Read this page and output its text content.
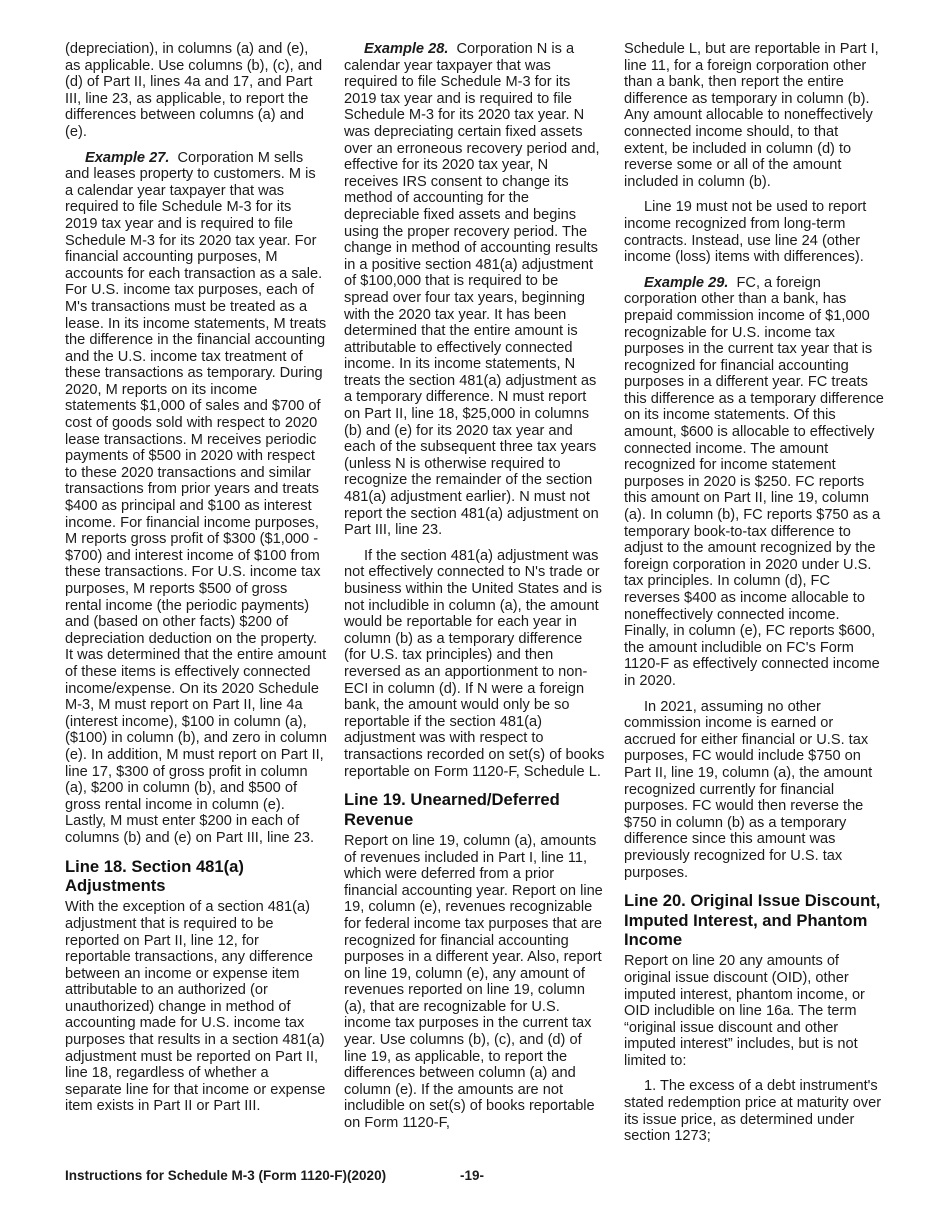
(depreciation), in columns (a) and (e), as applicable. Use columns (b), (c), and (d) of Part II, lines 4a and 17, and Part III, line 23, as applicable, to report the differences between columns (a) and (e).

Example 27. Corporation M sells and leases property to customers. M is a calendar year taxpayer that was required to file Schedule M-3 for its 2019 tax year and is required to file Schedule M-3 for its 2020 tax year. For financial accounting purposes, M accounts for each transaction as a sale. For U.S. income tax purposes, each of M's transactions must be treated as a lease. In its income statements, M treats the difference in the financial accounting and the U.S. income tax treatment of these transactions as temporary. During 2020, M reports on its income statements $1,000 of sales and $700 of cost of goods sold with respect to 2020 lease transactions. M receives periodic payments of $500 in 2020 with respect to these 2020 transactions and similar transactions from prior years and treats $400 as principal and $100 as interest income. For financial income purposes, M reports gross profit of $300 ($1,000 - $700) and interest income of $100 from these transactions. For U.S. income tax purposes, M reports $500 of gross rental income (the periodic payments) and (based on other facts) $200 of depreciation deduction on the property. It was determined that the entire amount of these items is effectively connected income/expense. On its 2020 Schedule M-3, M must report on Part II, line 4a (interest income), $100 in column (a), ($100) in column (b), and zero in column (e). In addition, M must report on Part II, line 17, $300 of gross profit in column (a), $200 in column (b), and $500 of gross rental income in column (e). Lastly, M must enter $200 in each of columns (b) and (e) on Part III, line 23.

Line 18. Section 481(a) Adjustments

With the exception of a section 481(a) adjustment that is required to be reported on Part II, line 12, for reportable transactions, any difference between an income or expense item attributable to an authorized (or unauthorized) change in method of accounting made for U.S. income tax purposes that results in a section 481(a) adjustment must be reported on Part II, line 18, regardless of whether a separate line for that income or expense item exists in Part II or Part III.

Example 28. Corporation N is a calendar year taxpayer that was required to file Schedule M-3 for its 2019 tax year and is required to file Schedule M-3 for its 2020 tax year. N was depreciating certain fixed assets over an erroneous recovery period and, effective for its 2020 tax year, N receives IRS consent to change its method of accounting for the depreciable fixed assets and begins using the proper recovery period. The change in method of accounting results in a positive section 481(a) adjustment of $100,000 that is required to be spread over four tax years, beginning with the 2020 tax year. It has been determined that the entire amount is attributable to effectively connected income. In its income statements, N treats the section 481(a) adjustment as a temporary difference. N must report on Part II, line 18, $25,000 in columns (b) and (e) for its 2020 tax year and each of the subsequent three tax years (unless N is otherwise required to recognize the remainder of the section 481(a) adjustment earlier). N must not report the section 481(a) adjustment on Part III, line 23.

If the section 481(a) adjustment was not effectively connected to N's trade or business within the United States and is not includible in column (a), the amount would be reportable for each year in column (b) as a temporary difference (for U.S. tax principles) and then reversed as an apportionment to non-ECI in column (d). If N were a foreign bank, the amount would only be so reportable if the section 481(a) adjustment was with respect to transactions recorded on set(s) of books reportable on Form 1120-F, Schedule L.

Line 19. Unearned/Deferred Revenue

Report on line 19, column (a), amounts of revenues included in Part I, line 11, which were deferred from a prior financial accounting year. Report on line 19, column (e), revenues recognizable for federal income tax purposes that are recognized for financial accounting purposes in a different year. Also, report on line 19, column (e), any amount of revenues reported on line 19, column (a), that are recognizable for U.S. income tax purposes in the current tax year. Use columns (b), (c), and (d) of line 19, as applicable, to report the differences between column (a) and column (e). If the amounts are not includible on set(s) of books reportable on Form 1120-F,

Schedule L, but are reportable in Part I, line 11, for a foreign corporation other than a bank, then report the entire difference as temporary in column (b). Any amount allocable to noneffectively connected income should, to that extent, be included in column (d) to reverse some or all of the amount included in column (b).

Line 19 must not be used to report income recognized from long-term contracts. Instead, use line 24 (other income (loss) items with differences).

Example 29. FC, a foreign corporation other than a bank, has prepaid commission income of $1,000 recognizable for U.S. income tax purposes in the current tax year that is recognized for financial accounting purposes in a different year. FC treats this difference as a temporary difference on its income statements. Of this amount, $600 is allocable to effectively connected income. The amount recognized for income statement purposes in 2020 is $250. FC reports this amount on Part II, line 19, column (a). In column (b), FC reports $750 as a temporary book-to-tax difference to adjust to the amount recognized by the foreign corporation in 2020 under U.S. tax principles. In column (d), FC reverses $400 as income allocable to noneffectively connected income. Finally, in column (e), FC reports $600, the amount includible on FC's Form 1120-F as effectively connected income in 2020.

In 2021, assuming no other commission income is earned or accrued for either financial or U.S. tax purposes, FC would include $750 on Part II, line 19, column (a), the amount recognized currently for financial purposes. FC would then reverse the $750 in column (b) as a temporary difference since this amount was previously recognized for U.S. tax purposes.

Line 20. Original Issue Discount, Imputed Interest, and Phantom Income

Report on line 20 any amounts of original issue discount (OID), other imputed interest, phantom income, or OID includible on line 16a. The term “original issue discount and other imputed interest” includes, but is not limited to:

1. The excess of a debt instrument's stated redemption price at maturity over its issue price, as determined under section 1273;

Instructions for Schedule M-3 (Form 1120-F)(2020)	-19-
